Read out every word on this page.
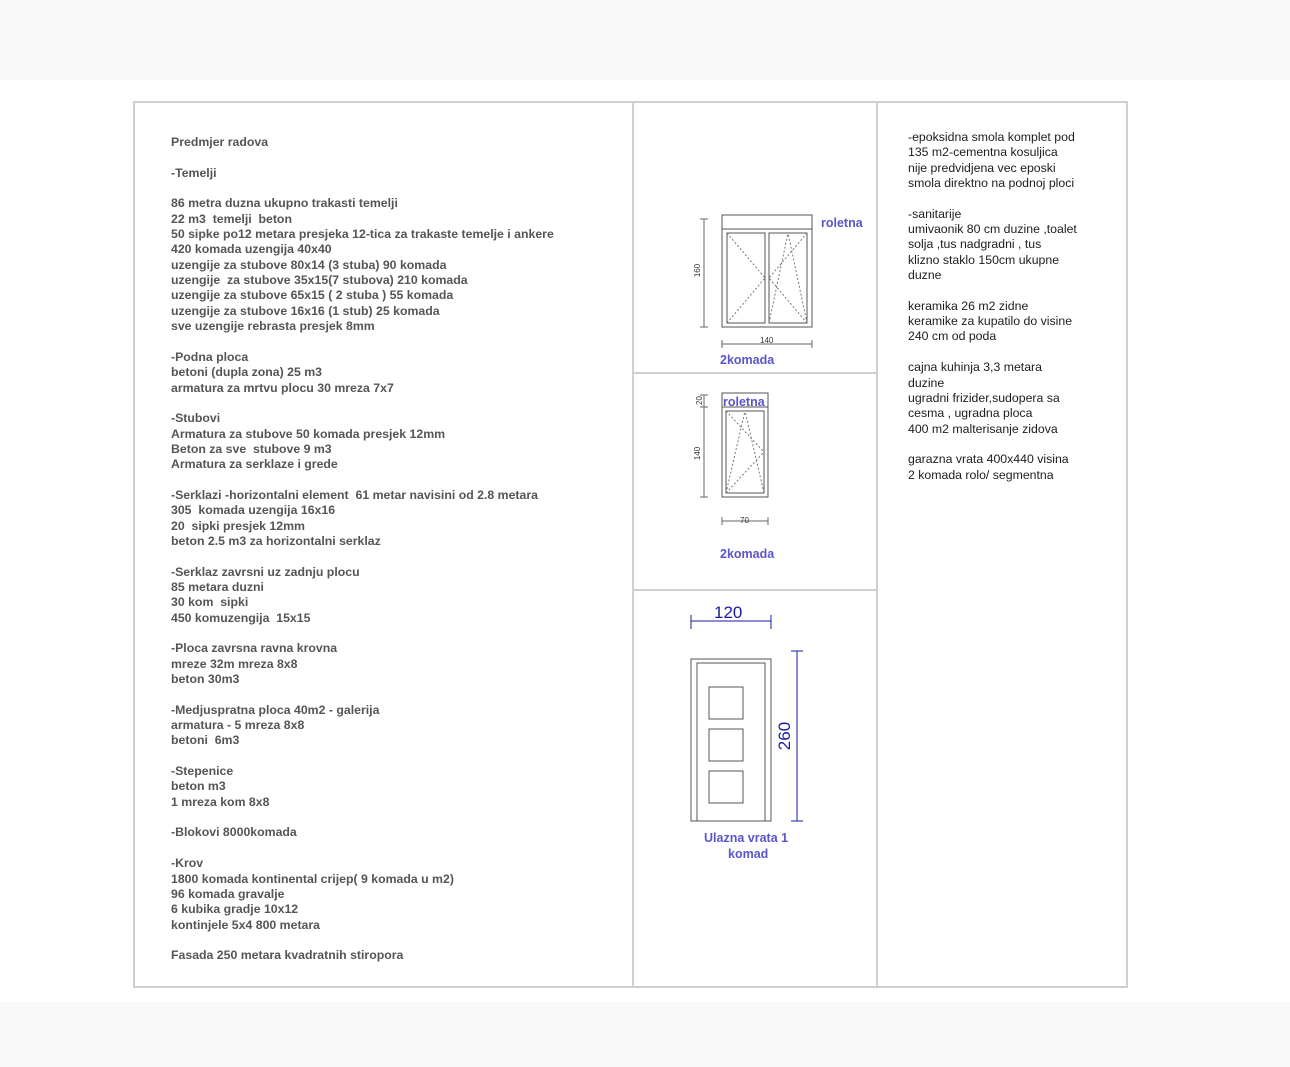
Predmjer radova
-Temelji
86 metra duzna ukupno trakasti temelji
22 m3  temelji  beton
50 sipke po12 metara presjeka 12-tica za trakaste temelje i ankere
420 komada uzengija 40x40
uzengije za stubove 80x14 (3 stuba) 90 komada
uzengije  za stubove 35x15(7 stubova) 210 komada
uzengije za stubove 65x15 ( 2 stuba ) 55 komada
uzengije za stubove 16x16 (1 stub) 25 komada
sve uzengije rebrasta presjek 8mm
-Podna ploca
betoni (dupla zona) 25 m3
armatura za mrtvu plocu 30 mreza 7x7
-Stubovi
Armatura za stubove 50 komada presjek 12mm
Beton za sve  stubove 9 m3
Armatura za serklaze i grede
-Serklazi -horizontalni element  61 metar navisini od 2.8 metara
305  komada uzengija 16x16
20  sipki presjek 12mm
beton 2.5 m3 za horizontalni serklaz
-Serklaz zavrsni uz zadnju plocu
85 metara duzni
30 kom  sipki
450 komuzengija  15x15
-Ploca zavrsna ravna krovna
mreze 32m mreza 8x8
beton 30m3
-Medjuspratna ploca 40m2 - galerija
armatura - 5 mreza 8x8
betoni  6m3
-Stepenice
beton m3
1 mreza kom 8x8
-Blokovi 8000komada
-Krov
1800 komada kontinental crijep( 9 komada u m2)
96 komada gravalje
6 kubika gradje 10x12
kontinjele 5x4 800 metara
Fasada 250 metara kvadratnih stiropora
160
140
roletna
2komada
20
140
70
roletna
2komada
120
260
Ulazna vrata 1
komad
-epoksidna smola komplet pod
135 m2-cementna kosuljica
nije predvidjena vec eposki
smola direktno na podnoj ploci
-sanitarije
umivaonik 80 cm duzine ,toalet
solja ,tus nadgradni , tus
klizno staklo 150cm ukupne
duzne
keramika 26 m2 zidne
keramike za kupatilo do visine
240 cm od poda
cajna kuhinja 3,3 metara
duzine
ugradni frizider,sudopera sa
cesma , ugradna ploca
400 m2 malterisanje zidova
garazna vrata 400x440 visina
2 komada rolo/ segmentna
